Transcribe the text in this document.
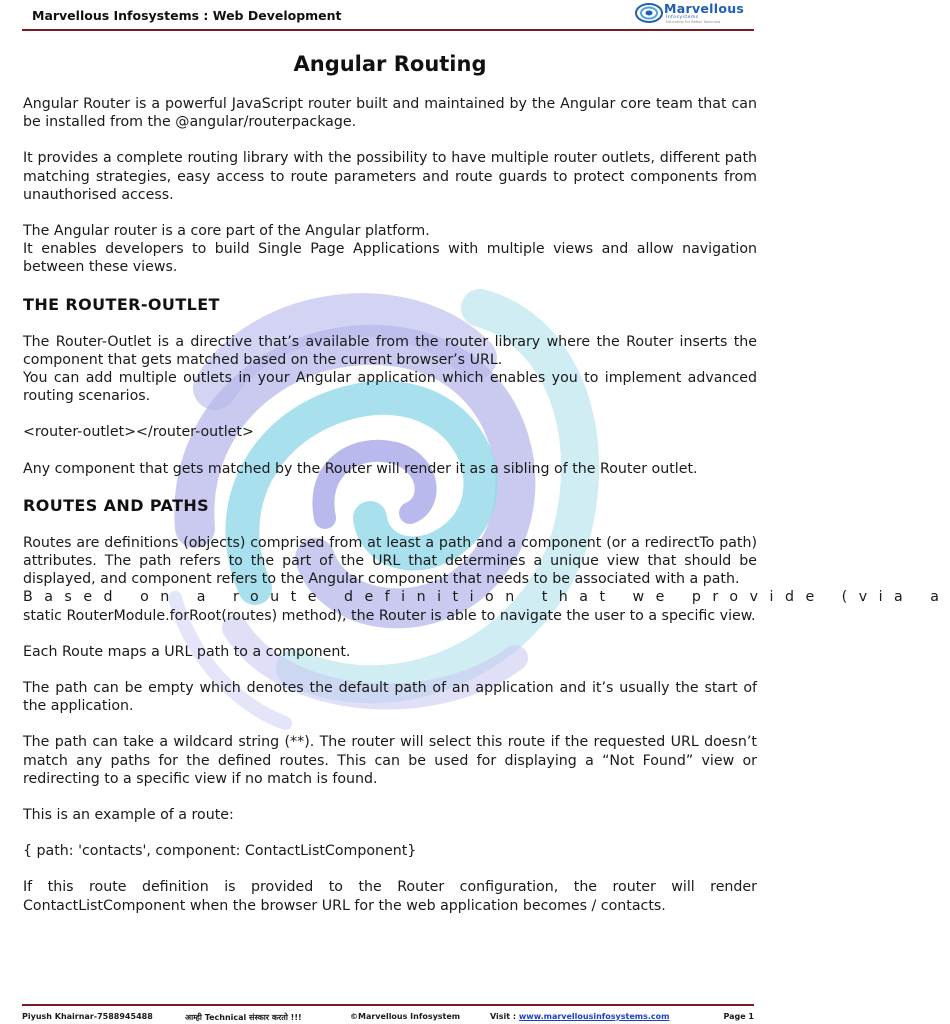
Marvellous Infosystems : Web Development	Marvellous
Infosystems
Educating For Better Tomorrow
Angular Routing

Angular Router is a powerful JavaScript router built and maintained by the Angular core team that can be installed from the @angular/routerpackage.

It provides a complete routing library with the possibility to have multiple router outlets, different path matching strategies, easy access to route parameters and route guards to protect components from unauthorised access.

The Angular router is a core part of the Angular platform.
It enables developers to build Single Page Applications with multiple views and allow navigation between these views.

THE ROUTER-OUTLET

The Router-Outlet is a directive that’s available from the router library where the Router inserts the component that gets matched based on the current browser’s URL.
You can add multiple outlets in your Angular application which enables you to implement advanced routing scenarios.

<router-outlet></router-outlet>

Any component that gets matched by the Router will render it as a sibling of the Router outlet.

ROUTES AND PATHS

Routes are definitions (objects) comprised from at least a path and a component (or a redirectTo path) attributes. The path refers to the part of the URL that determines a unique view that should be displayed, and component refers to the Angular component that needs to be associated with a path.

Based on a route definition that we provide (via a

static RouterModule.forRoot(routes) method), the Router is able to navigate the user to a specific view.

Each Route maps a URL path to a component.

The path can be empty which denotes the default path of an application and it’s usually the start of the application.

The path can take a wildcard string (**). The router will select this route if the requested URL doesn’t match any paths for the defined routes. This can be used for displaying a “Not Found” view or redirecting to a specific view if no match is found.

This is an example of a route:

{ path: 'contacts', component: ContactListComponent}

If this route definition is provided to the Router configuration, the router will render ContactListComponent when the browser URL for the web application becomes / contacts.

Piyush Khairnar-7588945488	आम्ही Technical संस्कार करतो !!!	©Marvellous Infosystem	Visit : www.marvellousinfosystems.com	Page 1
